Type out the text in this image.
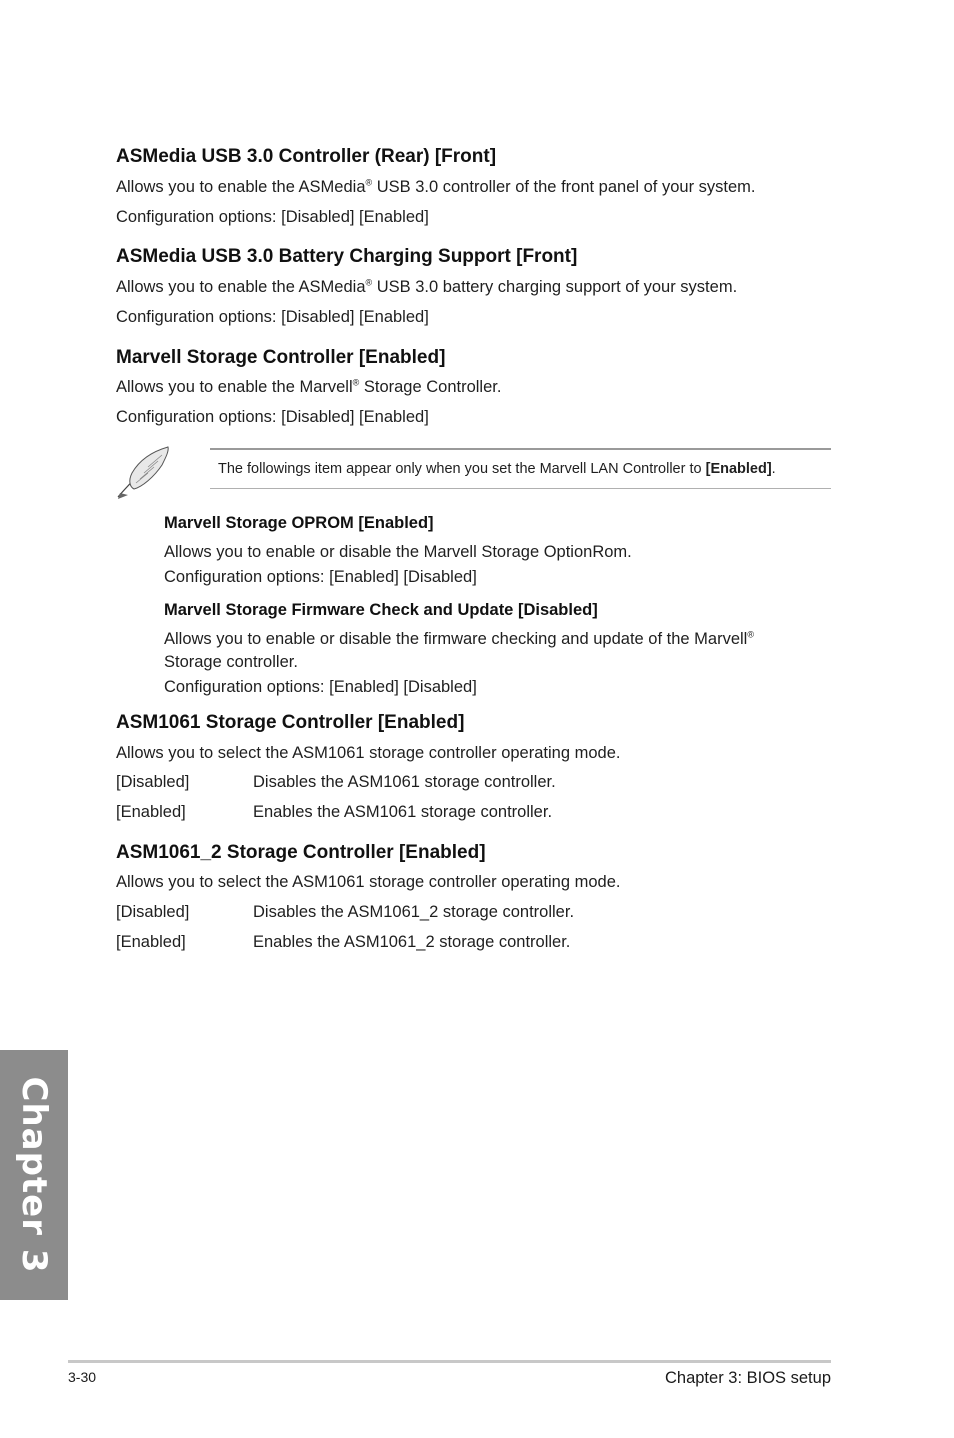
ASMedia USB 3.0 Controller (Rear) [Front]
Allows you to enable the ASMedia® USB 3.0 controller of the front panel of your system.
Configuration options: [Disabled] [Enabled]
ASMedia USB 3.0 Battery Charging Support [Front]
Allows you to enable the ASMedia® USB 3.0 battery charging support of your system.
Configuration options: [Disabled] [Enabled]
Marvell Storage Controller [Enabled]
Allows you to enable the Marvell® Storage Controller.
Configuration options: [Disabled] [Enabled]
The followings item appear only when you set the Marvell LAN Controller to [Enabled].
Marvell Storage OPROM [Enabled]
Allows you to enable or disable the Marvell Storage OptionRom.
Configuration options: [Enabled] [Disabled]
Marvell Storage Firmware Check and Update [Disabled]
Allows you to enable or disable the firmware checking and update of the Marvell®
Storage controller.
Configuration options: [Enabled] [Disabled]
ASM1061 Storage Controller [Enabled]
Allows you to select the ASM1061 storage controller operating mode.
[Disabled]	Disables the ASM1061 storage controller.
[Enabled]	Enables the ASM1061 storage controller.
ASM1061_2 Storage Controller [Enabled]
Allows you to select the ASM1061 storage controller operating mode.
[Disabled]	Disables the ASM1061_2 storage controller.
[Enabled]	Enables the ASM1061_2 storage controller.
Chapter 3
3-30	Chapter 3: BIOS setup
